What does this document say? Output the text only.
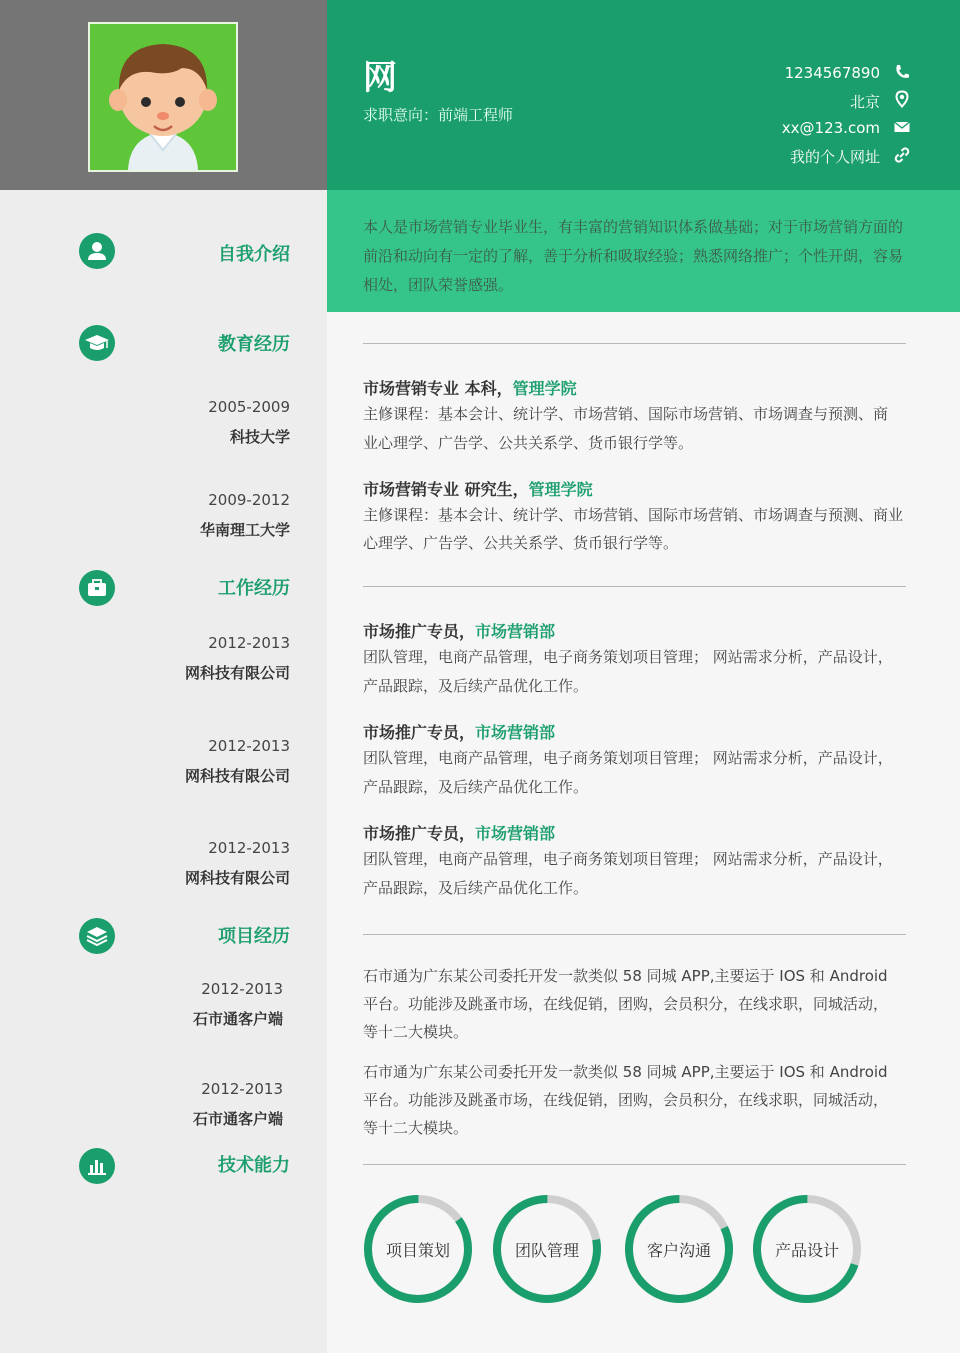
网
求职意向：前端工程师
1234567890
北京
xx@123.com
我的个人网址
本人是市场营销专业毕业生，有丰富的营销知识体系做基础；对于市场营销方面的前沿和动向有一定的了解，善于分析和吸取经验；熟悉网络推广；个性开朗，容易相处，团队荣誉感强。
自我介绍
教育经历
2005-2009
科技大学
2009-2012
华南理工大学
市场营销专业 本科，管理学院
主修课程：基本会计、统计学、市场营销、国际市场营销、市场调查与预测、商业心理学、广告学、公共关系学、货币银行学等。
市场营销专业 研究生，管理学院
主修课程：基本会计、统计学、市场营销、国际市场营销、市场调查与预测、商业心理学、广告学、公共关系学、货币银行学等。
工作经历
2012-2013
网科技有限公司
2012-2013
网科技有限公司
2012-2013
网科技有限公司
市场推广专员，市场营销部
团队管理，电商产品管理，电子商务策划项目管理； 网站需求分析，产品设计，产品跟踪，及后续产品优化工作。
市场推广专员，市场营销部
团队管理，电商产品管理，电子商务策划项目管理； 网站需求分析，产品设计，产品跟踪，及后续产品优化工作。
市场推广专员，市场营销部
团队管理，电商产品管理，电子商务策划项目管理； 网站需求分析，产品设计，产品跟踪，及后续产品优化工作。
项目经历
2012-2013
石市通客户端
2012-2013
石市通客户端
石市通为广东某公司委托开发一款类似 58 同城 APP,主要运于 IOS 和 Android 平台。功能涉及跳蚤市场，在线促销，团购，会员积分，在线求职，同城活动，等十二大模块。
石市通为广东某公司委托开发一款类似 58 同城 APP,主要运于 IOS 和 Android 平台。功能涉及跳蚤市场，在线促销，团购，会员积分，在线求职，同城活动，等十二大模块。
技术能力
项目策划	团队管理	客户沟通	产品设计
